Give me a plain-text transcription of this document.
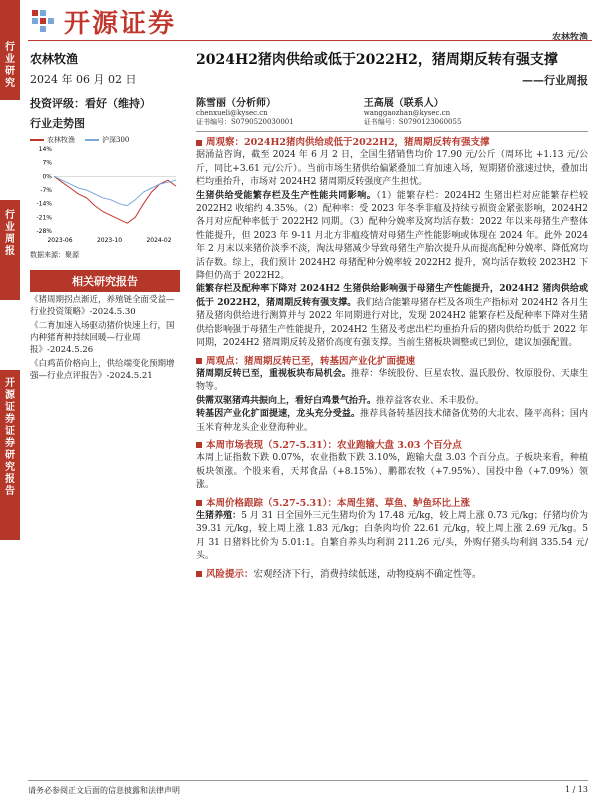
行业研究
行业周报
开源证券 证券研究报告
开源证券	农林牧渔
农林牧渔
2024 年 06 月 02 日
投资评级：看好（维持）
行业走势图
农林牧渔	沪深300
14%
7%
0%
-7%
-14%
-21%
-28%
2023-06	2023-10	2024-02
数据来源：聚源
相关研究报告
《猪周期拐点渐近，养殖链全面受益—行业投资策略》-2024.5.30
《二育加速入场驱动猪价快速上行，国内种猪育种持续回暖—行业周报》-2024.5.26
《白鸡苗价格向上，供给端变化预期增强—行业点评报告》-2024.5.21
2024H2猪肉供给或低于2022H2，猪周期反转有强支撑
——行业周报
陈雪丽（分析师）
chenxueli@kysec.cn
证书编号：S0790520030001
王高展（联系人）
wanggaozhan@kysec.cn
证书编号：S0790123060055
周观察：2024H2猪肉供给或低于2022H2，猪周期反转有强支撑

据涌益咨询，截至 2024 年 6 月 2 日，全国生猪销售均价 17.90 元/公斤（周环比 +1.13 元/公斤，同比+3.61 元/公斤）。当前市场生猪供给偏紧叠加二育加速入场，短期猪价涨速过快，叠加出栏均重抬升，市场对 2024H2 猪周期反转强度产生担忧。

生猪供给受能繁存栏及生产性能共同影响。（1）能繁存栏：2024H2 生猪出栏对应能繁存栏较 2022H2 收缩约 4.35%。（2）配种率：受 2023 年冬季非瘟及持续亏损资金紧张影响，2024H2 各月对应配种率低于 2022H2 同期。（3）配种分娩率及窝均活存数：2022 年以来母猪生产整体性能提升，但 2023 年 9-11 月北方非瘟疫情对母猪生产性能影响或体现在 2024 年。此外 2024 年 2 月末以来猪价淡季不淡，淘汰母猪减少导致母猪生产胎次提升从而提高配种分娩率、降低窝均活存数。综上，我们预计 2024H2 母猪配种分娩率较 2022H2 提升，窝均活存数较 2023H2 下降但仍高于 2022H2。

能繁存栏及配种率下降对 2024H2 生猪供给影响强于母猪生产性能提升，2024H2 猪肉供给或低于 2022H2，猪周期反转有强支撑。我们结合能繁母猪存栏及各项生产指标对 2024H2 各月生猪及猪肉供给进行测算并与 2022 年同期进行对比，发现 2024H2 能繁存栏及配种率下降对生猪供给影响强于母猪生产性能提升，2024H2 生猪及考虑出栏均重抬升后的猪肉供给均低于 2022 年同期，2024H2 猪周期反转及猪价高度有强支撑。当前生猪板块调整或已到位，建议加强配置。

周观点：猪周期反转已至，转基因产业化扩面提速

猪周期反转已至，重视板块布局机会。推荐：华统股份、巨星农牧、温氏股份、牧原股份、天康生物等。

供需双驱猪鸡共振向上，看好白鸡景气抬升。推荐益客农业、禾丰股份。

转基因产业化扩面提速，龙头充分受益。推荐具备转基因技术储备优势的大北农、隆平高科；国内玉米育种龙头企业登海种业。

本周市场表现（5.27-5.31）：农业跑输大盘 3.03 个百分点

本周上证指数下跌 0.07%，农业指数下跌 3.10%，跑输大盘 3.03 个百分点。子板块来看，种植板块领涨。个股来看，天邦食品（+8.15%）、鹏都农牧（+7.95%）、国投中鲁（+7.09%）领涨。

本周价格跟踪（5.27-5.31）：本周生猪、草鱼、鲈鱼环比上涨

生猪养殖：5 月 31 日全国外三元生猪均价为 17.48 元/kg，较上周上涨 0.73 元/kg；仔猪均价为 39.31 元/kg，较上周上涨 1.83 元/kg；白条肉均价 22.61 元/kg，较上周上涨 2.69 元/kg。5 月 31 日猪料比价为 5.01:1。自繁自养头均利润 211.26 元/头，外购仔猪头均利润 335.54 元/头。

风险提示：宏观经济下行，消费持续低迷，动物疫病不确定性等。
请务必参阅正文后面的信息披露和法律声明	1 / 13
